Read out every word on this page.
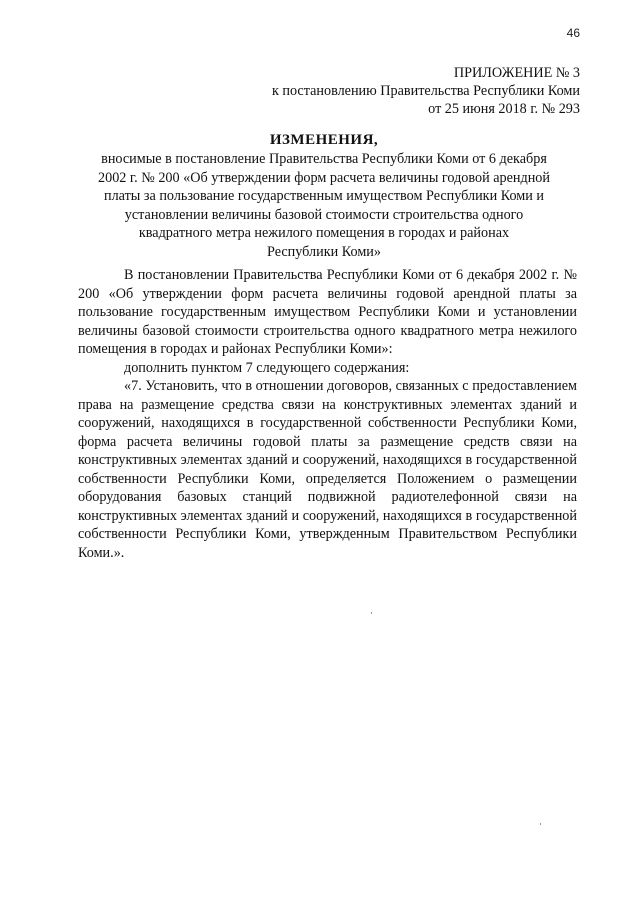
46
ПРИЛОЖЕНИЕ № 3
к постановлению Правительства Республики Коми
от 25 июня 2018 г. № 293
ИЗМЕНЕНИЯ,
вносимые в постановление Правительства Республики Коми от 6 декабря
2002 г. № 200 «Об утверждении форм расчета величины годовой арендной
платы за пользование государственным имуществом Республики Коми и
установлении величины базовой стоимости строительства одного
квадратного метра нежилого помещения в городах и районах
Республики Коми»

В постановлении Правительства Республики Коми от 6 декабря 2002 г. № 200 «Об утверждении форм расчета величины годовой арендной платы за пользование государственным имуществом Республики Коми и установлении величины базовой стоимости строительства одного квадратного метра нежилого помещения в городах и районах Республики Коми»:

дополнить пунктом 7 следующего содержания:

«7. Установить, что в отношении договоров, связанных с предоставлением права на размещение средства связи на конструктивных элементах зданий и сооружений, находящихся в государственной собственности Республики Коми, форма расчета величины годовой платы за размещение средств связи на конструктивных элементах зданий и сооружений, находящихся в государственной собственности Республики Коми, определяется Положением о размещении оборудования базовых станций подвижной радиотелефонной связи на конструктивных элементах зданий и сооружений, находящихся в государственной собственности Республики Коми, утвержденным Правительством Республики Коми.».
